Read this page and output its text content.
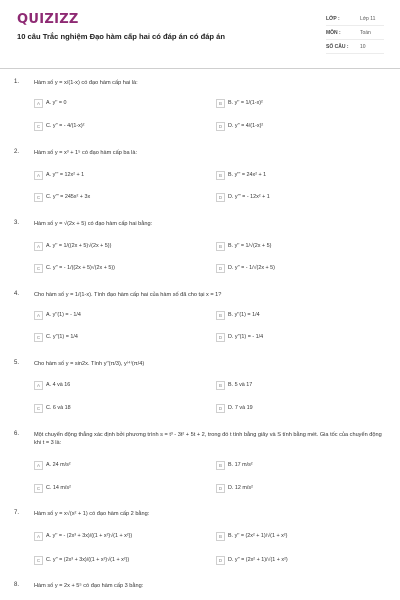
QUIZIZZ
10 câu Trắc nghiệm Đạo hàm cấp hai có đáp án có đáp án
LỚP :	Lớp 11
MÔN :	Toán
SỐ CÂU :	10
1.	Hàm số y = x/(1-x) có đạo hàm cấp hai là:
A	A. y'' = 0	B	B. y'' = 1/(1-x)²
C	C. y'' = - 4/(1-x)²	D	D. y'' = 4/(1-x)²
2.	Hàm số y = x³ + 1⁵ có đạo hàm cấp ba là:
A	A. y''' = 12x² + 1	B	B. y''' = 24x² + 1
C	C. y''' = 245x² + 3x	D	D. y''' = - 12x² + 1
3.	Hàm số y = √(2x + 5) có đạo hàm cấp hai bằng:
A	A. y'' = 1/((2x + 5)√(2x + 5))	B	B. y'' = 1/√(2x + 5)
C	C. y'' = - 1/((2x + 5)√(2x + 5))	D	D. y'' = - 1/√(2x + 5)
4.	Cho hàm số y = 1/(1-x). Tính đạo hàm cấp hai của hàm số đã cho tại x = 1?
A	A. y''(1) = - 1/4	B	B. y''(1) = 1/4
C	C. y''(1) = 1/4	D	D. y''(1) = - 1/4
5.	Cho hàm số y = sin2x. Tính y''(π/3), y⁽⁴⁾(π/4)
A	A. 4 và 16	B	B. 5 và 17
C	C. 6 và 18	D	D. 7 và 19
6.	Một chuyển động thẳng xác định bởi phương trình s = t³ - 3t² + 5t + 2, trong đó t tính bằng giây và S tính bằng mét. Gia tốc của chuyển động khi t = 3 là:
A	A. 24 m/s²	B	B. 17 m/s²
C	C. 14 m/s²	D	D. 12 m/s²
7.	Hàm số y = x√(x² + 1) có đạo hàm cấp 2 bằng:
A	A. y'' = - (2x³ + 3x)/((1 + x²)√(1 + x²))	B	B. y'' = (2x² + 1)/√(1 + x²)
C	C. y'' = (2x³ + 3x)/((1 + x²)√(1 + x²))	D	D. y'' = (2x² + 1)/√(1 + x²)
8.	Hàm số y = 2x + 5⁵ có đạo hàm cấp 3 bằng:
